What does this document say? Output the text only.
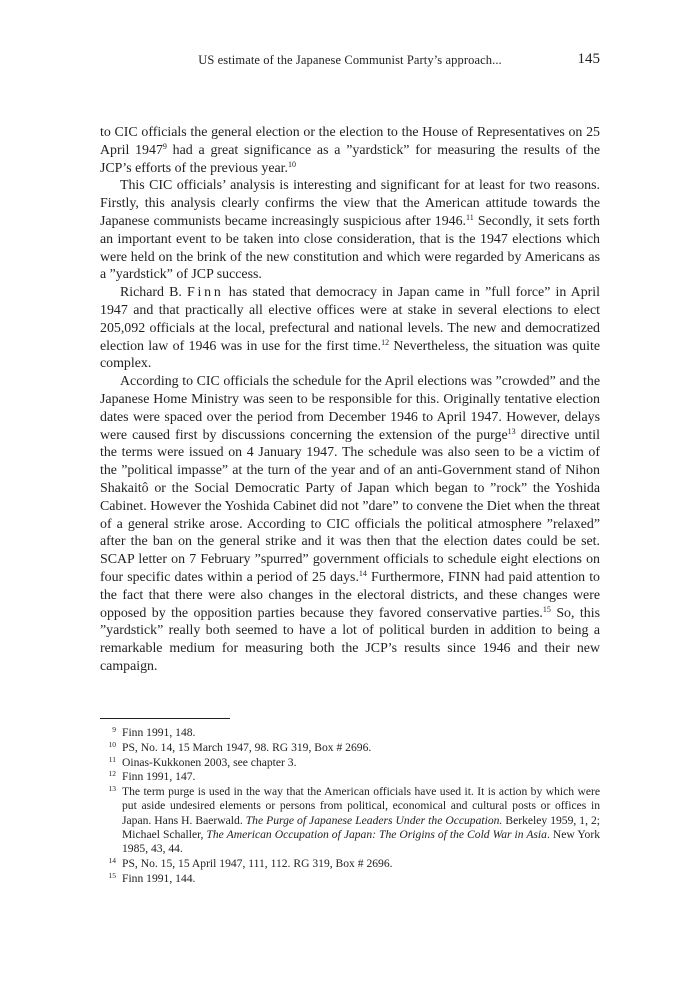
US estimate of the Japanese Communist Party’s approach...	145

to CIC officials the general election or the election to the House of Representatives on 25 April 1947$^9$ had a great significance as a ”yardstick” for measuring the results of the JCP’s efforts of the previous year.$^{10}$

This CIC officials’ analysis is interesting and significant for at least for two reasons. Firstly, this analysis clearly confirms the view that the American attitude towards the Japanese communists became increasingly suspicious after 1946.11 Secondly, it sets forth an important event to be taken into close consideration, that is the 1947 elections which were held on the brink of the new constitution and which were regarded by Americans as a ”yardstick” of JCP success.

Richard B. Finn has stated that democracy in Japan came in ”full force” in April 1947 and that practically all elective offices were at stake in several elections to elect 205,092 officials at the local, prefectural and national levels. The new and democratized election law of 1946 was in use for the first time.$^{12}$ Nevertheless, the situation was quite complex.

According to CIC officials the schedule for the April elections was ”crowded” and the Japanese Home Ministry was seen to be responsible for this. Originally tentative election dates were spaced over the period from December 1946 to April 1947. However, delays were caused first by discussions concerning the extension of the purge$^{13}$ directive until the terms were issued on 4 January 1947. The schedule was also seen to be a victim of the ”political impasse” at the turn of the year and of an anti-Government stand of Nihon Shakaitô or the Social Democratic Party of Japan which began to ”rock” the Yoshida Cabinet. However the Yoshida Cabinet did not ”dare” to convene the Diet when the threat of a general strike arose. According to CIC officials the political atmosphere ”relaxed” after the ban on the general strike and it was then that the election dates could be set. SCAP letter on 7 February ”spurred” government officials to schedule eight elections on four specific dates within a period of 25 days.$^{14}$ Furthermore, FINN had paid attention to the fact that there were also changes in the electoral districts, and these changes were opposed by the opposition parties because they favored conservative parties.$^{15}$ So, this ”yardstick” really both seemed to have a lot of political burden in addition to being a remarkable medium for measuring both the JCP’s results since 1946 and their new campaign.

$^9$ Finn 1991, 148.
$^{10}$ PS, No. 14, 15 March 1947, 98. RG 319, Box # 2696.
$^{11}$ Oinas-Kukkonen 2003, see chapter 3.
$^{12}$ Finn 1991, 147.
$^{13}$ The term purge is used in the way that the American officials have used it. It is action by which were put aside undesired elements or persons from political, economical and cultural posts or offices in Japan. Hans H. Baerwald. The Purge of Japanese Leaders Under the Occupation. Berkeley 1959, 1, 2; Michael Schaller, The American Occupation of Japan: The Origins of the Cold War in Asia. New York 1985, 43, 44.
$^{14}$ PS, No. 15, 15 April 1947, 111, 112. RG 319, Box # 2696.
$^{15}$ Finn 1991, 144.
